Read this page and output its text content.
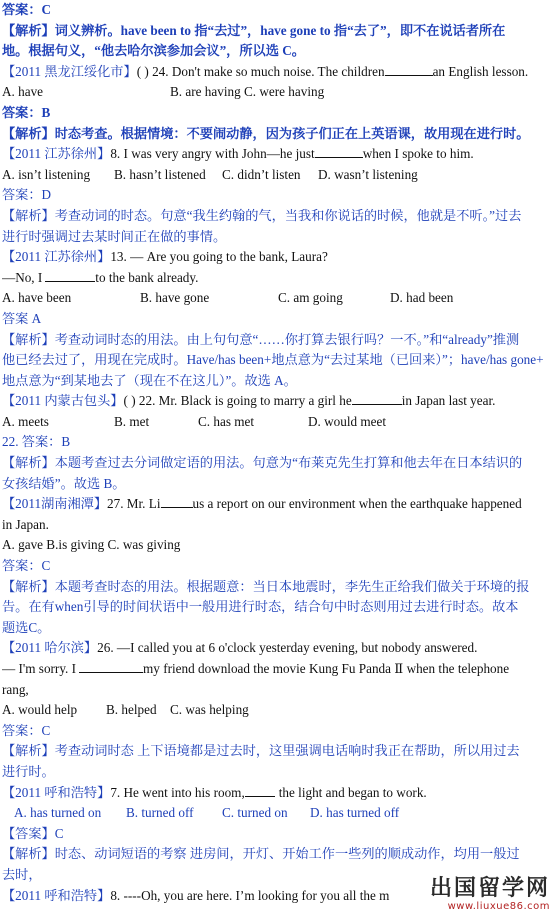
答案：C
【解析】词义辨析。have been to 指“去过”，have gone to 指“去了”，即不在说话者所在
地。根据句义，“他去哈尔滨参加会议”，所以选 C。
【2011 黑龙江绥化市】( ) 24. Don't make so much noise. The children	an English lesson.
A. have	B. are having C. were having
答案：B
【解析】时态考查。根据情境：不要闹动静，因为孩子们正在上英语课，故用现在进行时。
【2011 江苏徐州】8. I was very angry with John—he just	when I spoke to him.
A. isn’t listening B. hasn’t listened C. didn’t listen D. wasn’t listening
答案：D
【解析】考查动词的时态。句意“我生约翰的气，当我和你说话的时候，他就是不听。”过去
进行时强调过去某时间正在做的事情。
【2011 江苏徐州】13. — Are you going to the bank, Laura?
—No, I	to the bank already.
A. have been	B. have gone	C. am going	D. had been
答案 A
【解析】考查动词时态的用法。由上句句意“……你打算去银行吗？一不。”和“already”推测
他已经去过了，用现在完成时。Have/has been+地点意为“去过某地（已回来）”；have/has gone+
地点意为“到某地去了（现在不在这儿）”。故选 A。
【2011 内蒙古包头】( ) 22. Mr. Black is going to marry a girl he	in Japan last year.
A. meets	B. met	C. has met	D. would meet
22. 答案：B
【解析】本题考查过去分词做定语的用法。句意为“布莱克先生打算和他去年在日本结识的
女孩结婚”。故选 B。
【2011湖南湘潭】27. Mr. Li us a report on our environment when the earthquake happened
in Japan.
A. gave B.is giving C. was giving
答案：C
【解析】本题考查时态的用法。根据题意：当日本地震时，李先生正给我们做关于环境的报
告。在有when引导的时间状语中一般用进行时态，结合句中时态则用过去进行时态。故本
题选C。
【2011 哈尔滨】26. —I called you at 6 o'clock yesterday evening, but nobody answered.
— I'm sorry. I	my friend download the movie Kung Fu Panda Ⅱ when the telephone
rang,
A. would help B. helped C. was helping
答案：C
【解析】考查动词时态 上下语境都是过去时，这里强调电话响时我正在帮助，所以用过去
进行时。
【2011 呼和浩特】7. He went into his room,	the light and began to work.
A. has turned on B. turned off C. turned on D. has turned off
【答案】C
【解析】时态、动词短语的考察 进房间，开灯、开始工作一些列的顺成动作，均用一般过
去时，
【2011 呼和浩特】8. ----Oh, you are here. I’m looking for you all the m	出国留学网
www.liuxue86.com
